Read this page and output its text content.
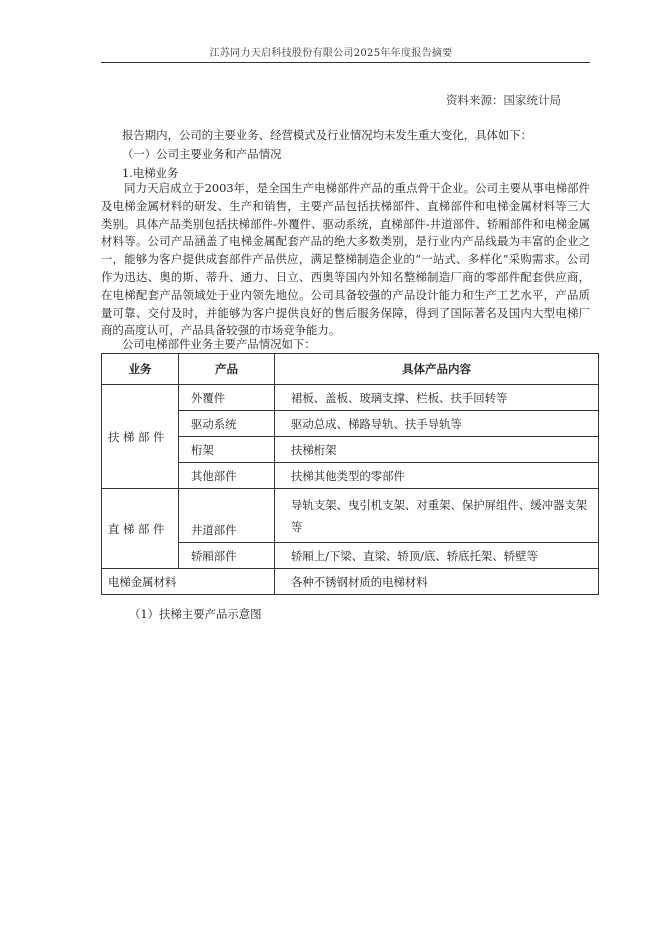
江苏同力天启科技股份有限公司2025年年度报告摘要
资料来源：国家统计局
报告期内，公司的主要业务、经营模式及行业情况均未发生重大变化，具体如下：
（一）公司主要业务和产品情况
1.电梯业务
同力天启成立于2003年，是全国生产电梯部件产品的重点骨干企业。公司主要从事电梯部件及电梯金属材料的研发、生产和销售，主要产品包括扶梯部件、直梯部件和电梯金属材料等三大类别。具体产品类别包括扶梯部件-外覆件、驱动系统，直梯部件-井道部件、轿厢部件和电梯金属材料等。公司产品涵盖了电梯金属配套产品的绝大多数类别，是行业内产品线最为丰富的企业之一，能够为客户提供成套部件产品供应，满足整梯制造企业的“一站式、多样化”采购需求。公司作为迅达、奥的斯、蒂升、通力、日立、西奥等国内外知名整梯制造厂商的零部件配套供应商，在电梯配套产品领域处于业内领先地位。公司具备较强的产品设计能力和生产工艺水平，产品质量可靠、交付及时，并能够为客户提供良好的售后服务保障，得到了国际著名及国内大型电梯厂商的高度认可，产品具备较强的市场竞争能力。
公司电梯部件业务主要产品情况如下：
业务	产品	具体产品内容
扶 梯 部 件	外覆件	裙板、盖板、玻璃支撑、栏板、扶手回转等
	驱动系统	驱动总成、梯路导轨、扶手导轨等
	桁架	扶梯桁架
	其他部件	扶梯其他类型的零部件
直 梯 部 件	井道部件	导轨支架、曳引机支架、对重架、保护屏组件、缓冲器支架等
	轿厢部件	轿厢上/下梁、直梁、轿顶/底、轿底托架、轿壁等
电梯金属材料		各种不锈钢材质的电梯材料
（1）扶梯主要产品示意图
